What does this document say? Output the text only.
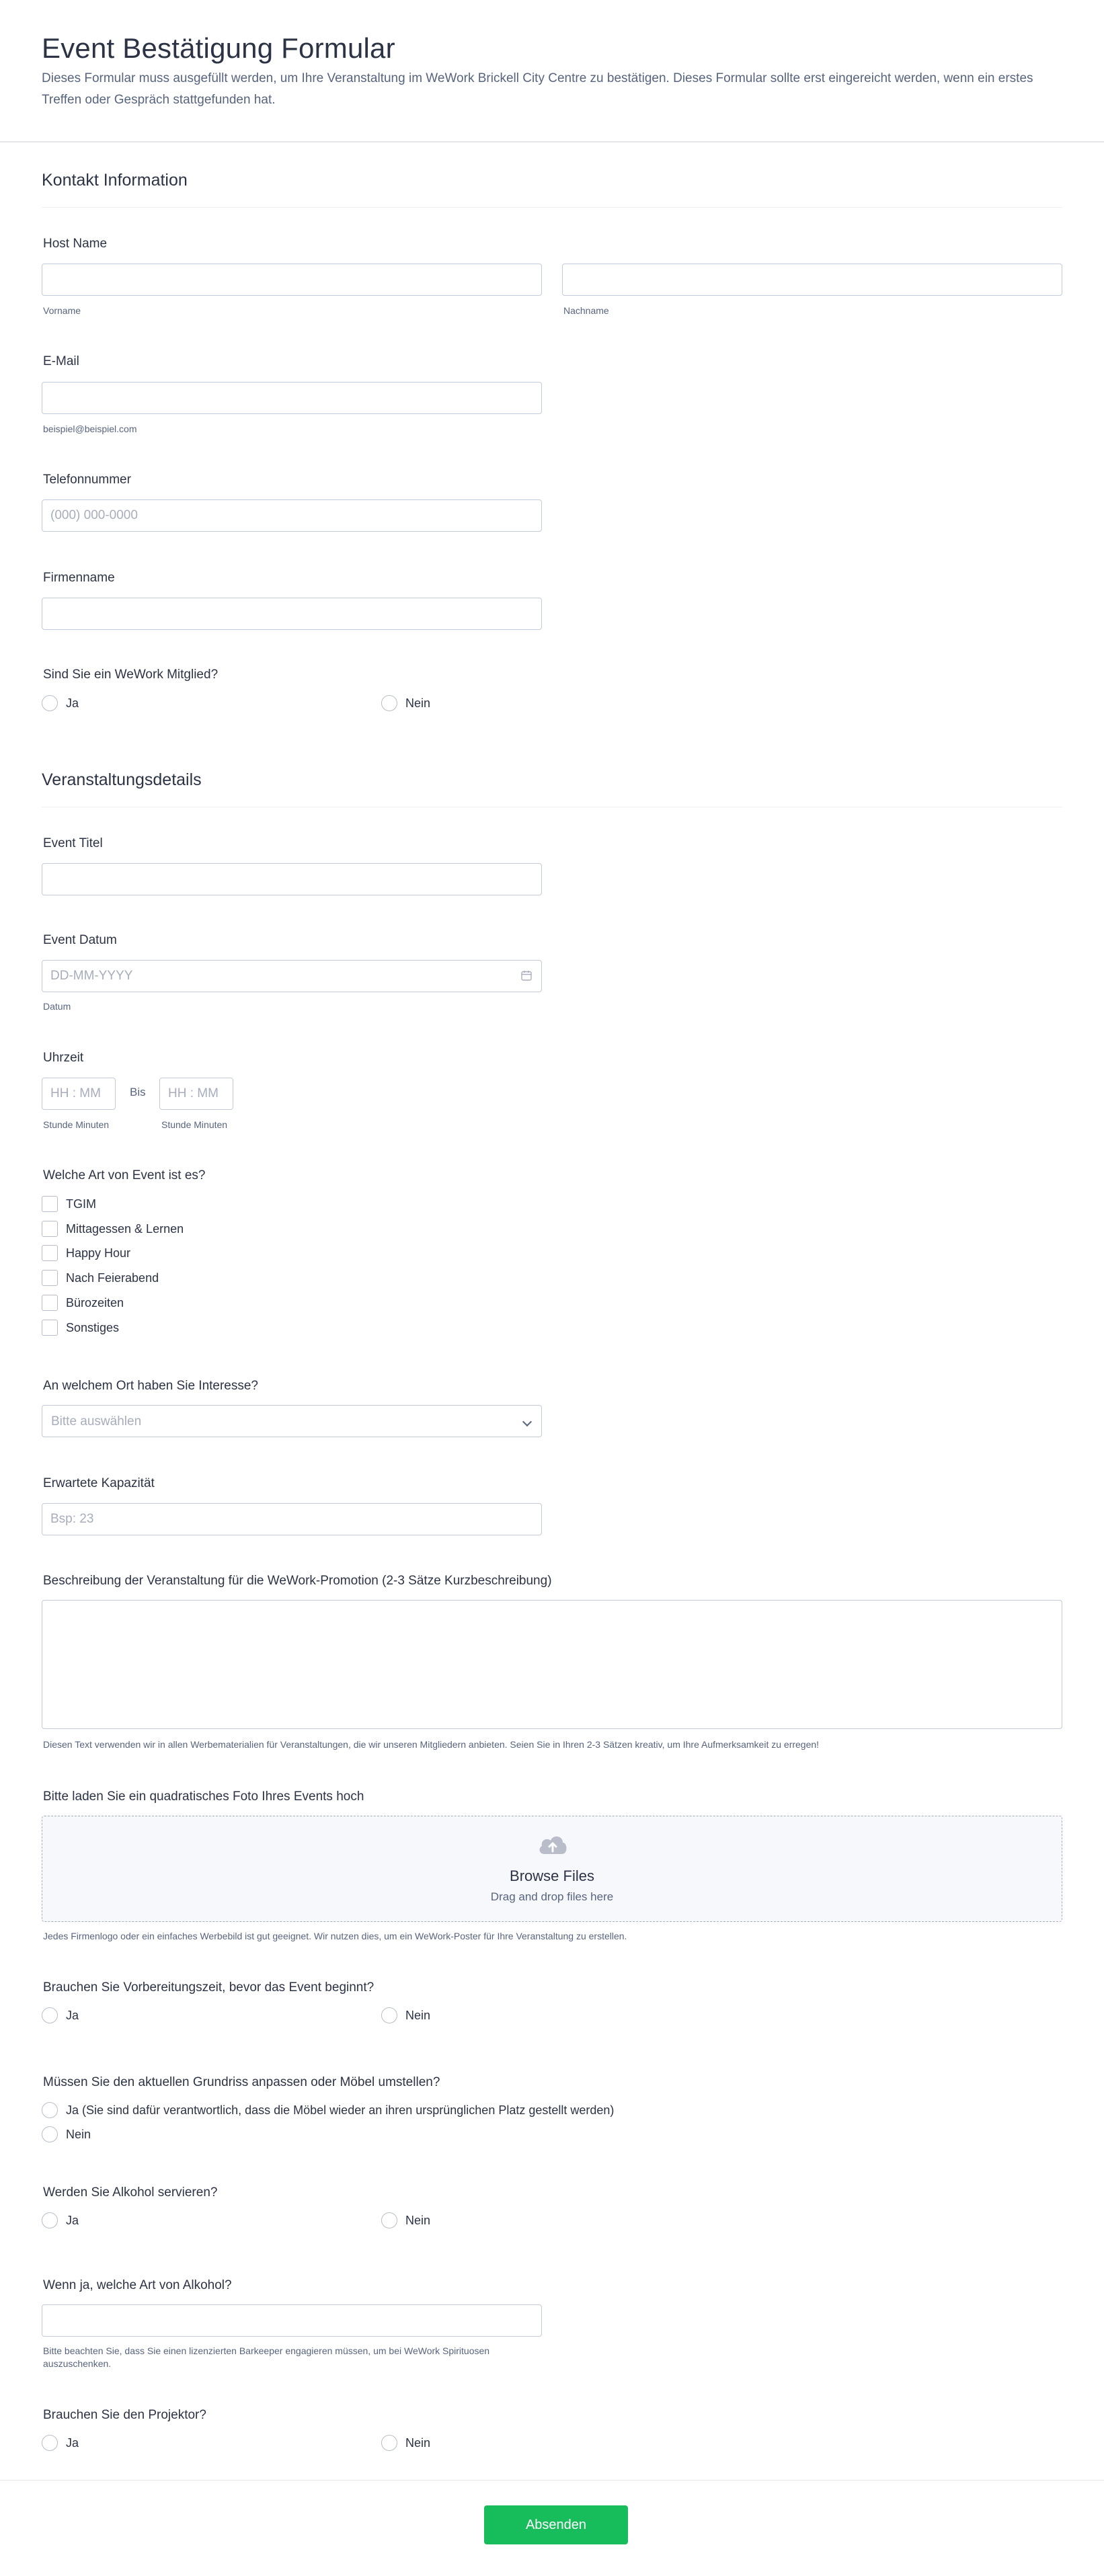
Event Bestätigung Formular

Dieses Formular muss ausgefüllt werden, um Ihre Veranstaltung im WeWork Brickell City Centre zu bestätigen. Dieses Formular sollte erst eingereicht werden, wenn ein erstes Treffen oder Gespräch stattgefunden hat.

Kontakt Information
Host Name
Vorname	Nachname
E-Mail
beispiel@beispiel.com
Telefonnummer
(000) 000-0000
Firmenname
Sind Sie ein WeWork Mitglied?
Ja	Nein
Veranstaltungsdetails
Event Titel
Event Datum
DD-MM-YYYY
Datum
Uhrzeit
HH : MM
Bis
HH : MM
Stunde Minuten	Stunde Minuten
Welche Art von Event ist es?
TGIM
Mittagessen & Lernen
Happy Hour
Nach Feierabend
Bürozeiten
Sonstiges
An welchem Ort haben Sie Interesse?
Bitte auswählen
Erwartete Kapazität
Bsp: 23
Beschreibung der Veranstaltung für die WeWork-Promotion (2-3 Sätze Kurzbeschreibung)
Diesen Text verwenden wir in allen Werbematerialien für Veranstaltungen, die wir unseren Mitgliedern anbieten. Seien Sie in Ihren 2-3 Sätzen kreativ, um Ihre Aufmerksamkeit zu erregen!
Bitte laden Sie ein quadratisches Foto Ihres Events hoch
Browse Files
Drag and drop files here
Jedes Firmenlogo oder ein einfaches Werbebild ist gut geeignet. Wir nutzen dies, um ein WeWork-Poster für Ihre Veranstaltung zu erstellen.
Brauchen Sie Vorbereitungszeit, bevor das Event beginnt?
Ja	Nein
Müssen Sie den aktuellen Grundriss anpassen oder Möbel umstellen?
Ja (Sie sind dafür verantwortlich, dass die Möbel wieder an ihren ursprünglichen Platz gestellt werden)
Nein
Werden Sie Alkohol servieren?
Ja	Nein
Wenn ja, welche Art von Alkohol?
Bitte beachten Sie, dass Sie einen lizenzierten Barkeeper engagieren müssen, um bei WeWork Spirituosen auszuschenken.
Brauchen Sie den Projektor?
Ja	Nein
Absenden
